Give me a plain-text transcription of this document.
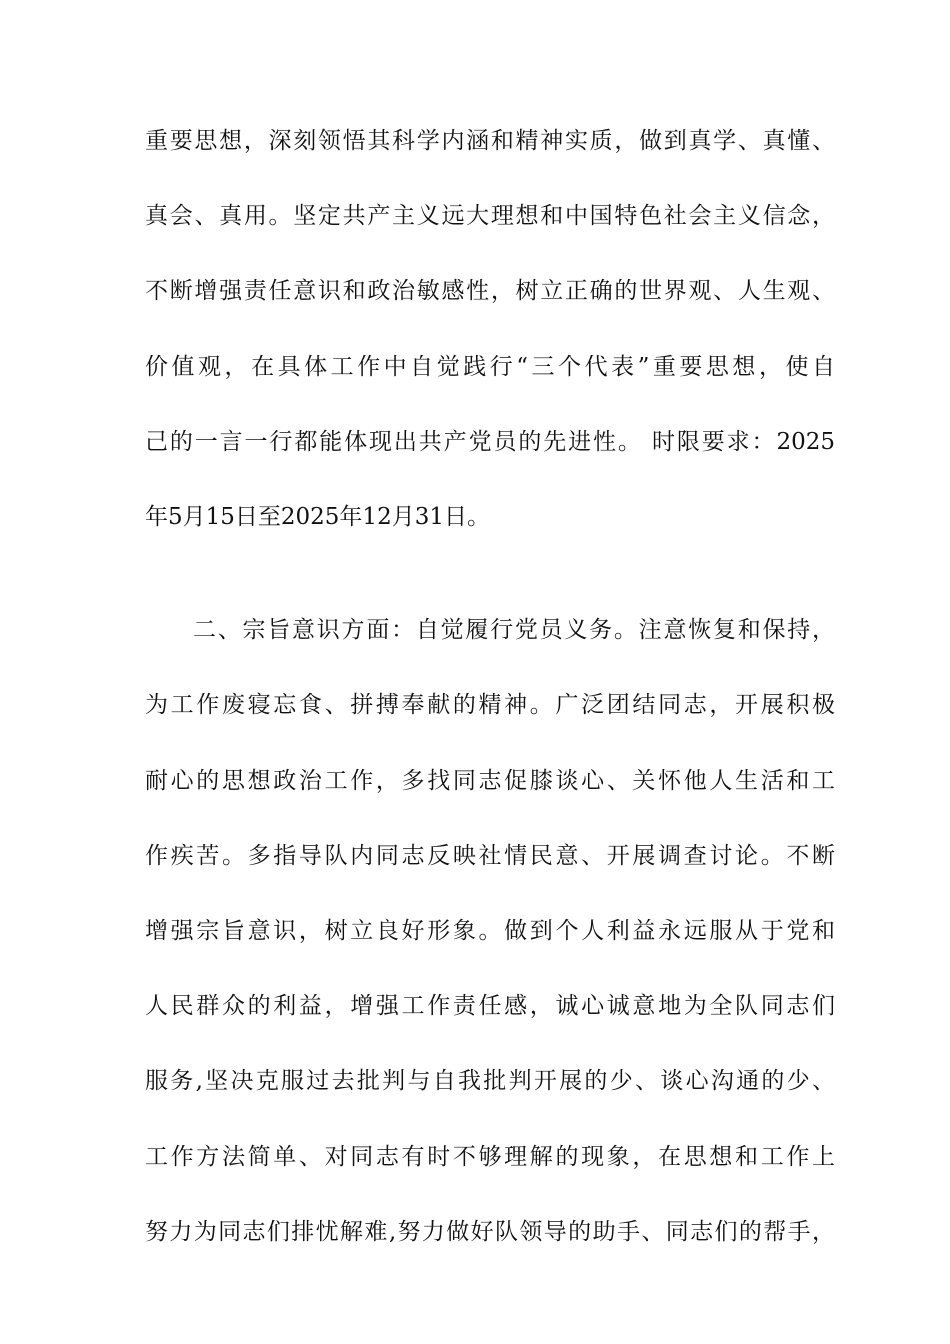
重要思想，深刻领悟其科学内涵和精神实质，做到真学、真懂、
真会、真用。坚定共产主义远大理想和中国特色社会主义信念，
不断增强责任意识和政治敏感性，树立正确的世界观、人生观、
价值观，在具体工作中自觉践行“三个代表”重要思想，使自
己的一言一行都能体现出共产党员的先进性。 时限要求：2025
年5月15日至2025年12月31日。
二、宗旨意识方面：自觉履行党员义务。注意恢复和保持，
为工作废寝忘食、拼搏奉献的精神。广泛团结同志，开展积极
耐心的思想政治工作，多找同志促膝谈心、关怀他人生活和工
作疾苦。多指导队内同志反映社情民意、开展调查讨论。不断
增强宗旨意识，树立良好形象。做到个人利益永远服从于党和
人民群众的利益，增强工作责任感，诚心诚意地为全队同志们
服务,坚决克服过去批判与自我批判开展的少、谈心沟通的少、
工作方法简单、对同志有时不够理解的现象，在思想和工作上
努力为同志们排忧解难,努力做好队领导的助手、同志们的帮手，
